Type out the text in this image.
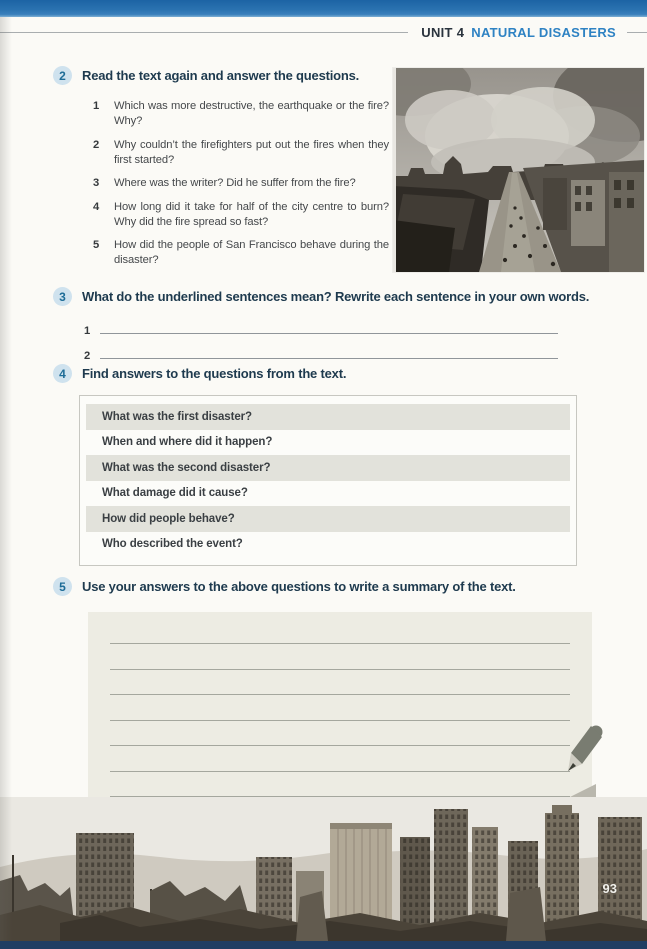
UNIT 4 NATURAL DISASTERS
2	Read the text again and answer the questions.
1	Which was more destructive, the earthquake or the fire? Why?
2	Why couldn’t the firefighters put out the fires when they first started?
3	Where was the writer? Did he suffer from the fire?
4	How long did it take for half of the city centre to burn? Why did the fire spread so fast?
5	How did the people of San Francisco behave during the disaster?
3	What do the underlined sentences mean? Rewrite each sentence in your own words.
1
2
4	Find answers to the questions from the text.
What was the first disaster?
When and where did it happen?
What was the second disaster?
What damage did it cause?
How did people behave?
Who described the event?
5	Use your answers to the above questions to write a summary of the text.
93
